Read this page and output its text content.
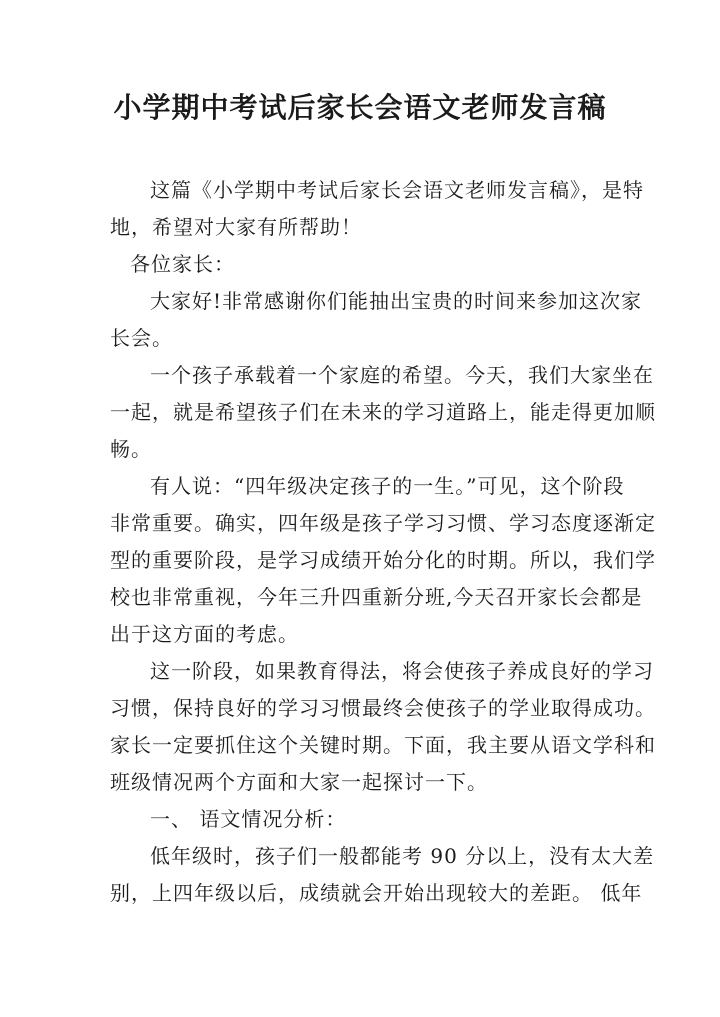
小学期中考试后家长会语文老师发言稿
这篇《小学期中考试后家长会语文老师发言稿》，是特
地，希望对大家有所帮助！
各位家长：
大家好!非常感谢你们能抽出宝贵的时间来参加这次家
长会。
一个孩子承载着一个家庭的希望。今天，我们大家坐在
一起，就是希望孩子们在未来的学习道路上，能走得更加顺
畅。
有人说：“四年级决定孩子的一生。”可见，这个阶段
非常重要。确实，四年级是孩子学习习惯、学习态度逐渐定
型的重要阶段，是学习成绩开始分化的时期。所以，我们学
校也非常重视，今年三升四重新分班,今天召开家长会都是
出于这方面的考虑。
这一阶段，如果教育得法，将会使孩子养成良好的学习
习惯，保持良好的学习习惯最终会使孩子的学业取得成功。
家长一定要抓住这个关键时期。下面，我主要从语文学科和
班级情况两个方面和大家一起探讨一下。
一、 语文情况分析：
低年级时，孩子们一般都能考 90 分以上，没有太大差
别，上四年级以后，成绩就会开始出现较大的差距。 低年
